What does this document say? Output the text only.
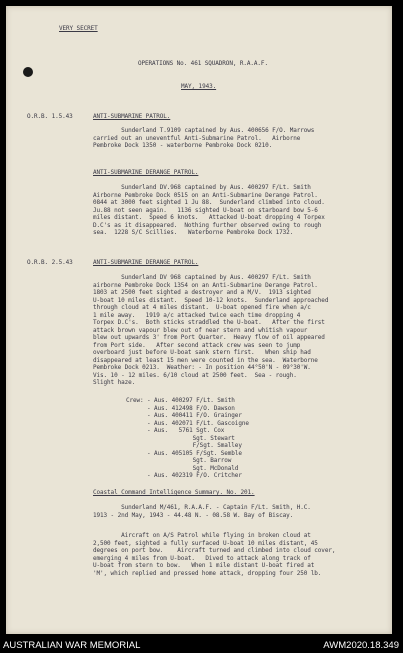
VERY SECRET
OPERATIONS No. 461 SQUADRON, R.A.A.F.
MAY, 1943.
O.R.B. 1.5.43	ANTI-SUBMARINE PATROL.
Sunderland T.9109 captained by Aus. 400656 F/O. Marrows
carried out an uneventful Anti-Submarine Patrol.   Airborne
Pembroke Dock 1350 - waterborne Pembroke Dock 0210.
ANTI-SUBMARINE DERANGE PATROL.
Sunderland DV.968 captained by Aus. 400297 F/Lt. Smith
Airborne Pembroke Dock 0515 on an Anti-Submarine Derange Patrol.
0844 at 3000 feet sighted 1 Ju 88.  Sunderland climbed into cloud.
Ju.88 not seen again.   1136 sighted U-boat on starboard bow 5-6
miles distant.  Speed 6 knots.   Attacked U-boat dropping 4 Torpex
D.C's as it disappeared.  Nothing further observed owing to rough
sea.  1228 S/C Scillies.   Waterborne Pembroke Dock 1732.
O.R.B. 2.5.43	ANTI-SUBMARINE DERANGE PATROL.
Sunderland DV 968 captained by Aus. 400297 F/Lt. Smith
airborne Pembroke Dock 1354 on an Anti-Submarine Derange Patrol.
1803 at 2500 feet sighted a destroyer and a M/V.  1913 sighted
U-boat 10 miles distant.  Speed 10-12 knots.  Sunderland approached
through cloud at 4 miles distant.  U-boat opened fire when a/c
1 mile away.   1919 a/c attacked twice each time dropping 4
Torpex D.C's.  Both sticks straddled the U-boat.   After the first
attack brown vapour blew out of near stern and whitish vapour
blew out upwards 3' from Port Quarter.  Heavy flow of oil appeared
from Port side.   After second attack crew was seen to jump
overboard just before U-boat sank stern first.   When ship had
disappeared at least 15 men were counted in the sea.  Waterborne
Pembroke Dock 0213.  Weather: - In position 44°50'N - 09°30'W.
Vis. 10 - 12 miles. 6/10 cloud at 2500 feet.  Sea - rough.
Slight haze.
Crew: - Aus. 400297 F/Lt. Smith
- Aus. 412498 F/O. Dawson
- Aus. 400411 F/O. Grainger
- Aus. 402071 F/Lt. Gascoigne
- Aus.   5761 Sgt. Cox
Sgt. Stewart
F/Sgt. Smalley
- Aus. 405105 F/Sgt. Semble
Sgt. Barrow
Sgt. McDonald
- Aus. 402319 F/O. Critcher
Coastal Command Intelligence Summary. No. 201.
Sunderland M/461, R.A.A.F. - Captain F/Lt. Smith, H.C.
1913 - 2nd May, 1943 - 44.48 N. - 08.58 W. Bay of Biscay.
Aircraft on A/S Patrol while flying in broken cloud at
2,500 feet, sighted a fully surfaced U-boat 10 miles distant, 45
degrees on port bow.    Aircraft turned and climbed into cloud cover,
emerging 4 miles from U-boat.   Dived to attack along track of
U-boat from stern to bow.   When 1 mile distant U-boat fired at
'M', which replied and pressed home attack, dropping four 250 lb.
AUSTRALIAN WAR MEMORIAL	AWM2020.18.349
